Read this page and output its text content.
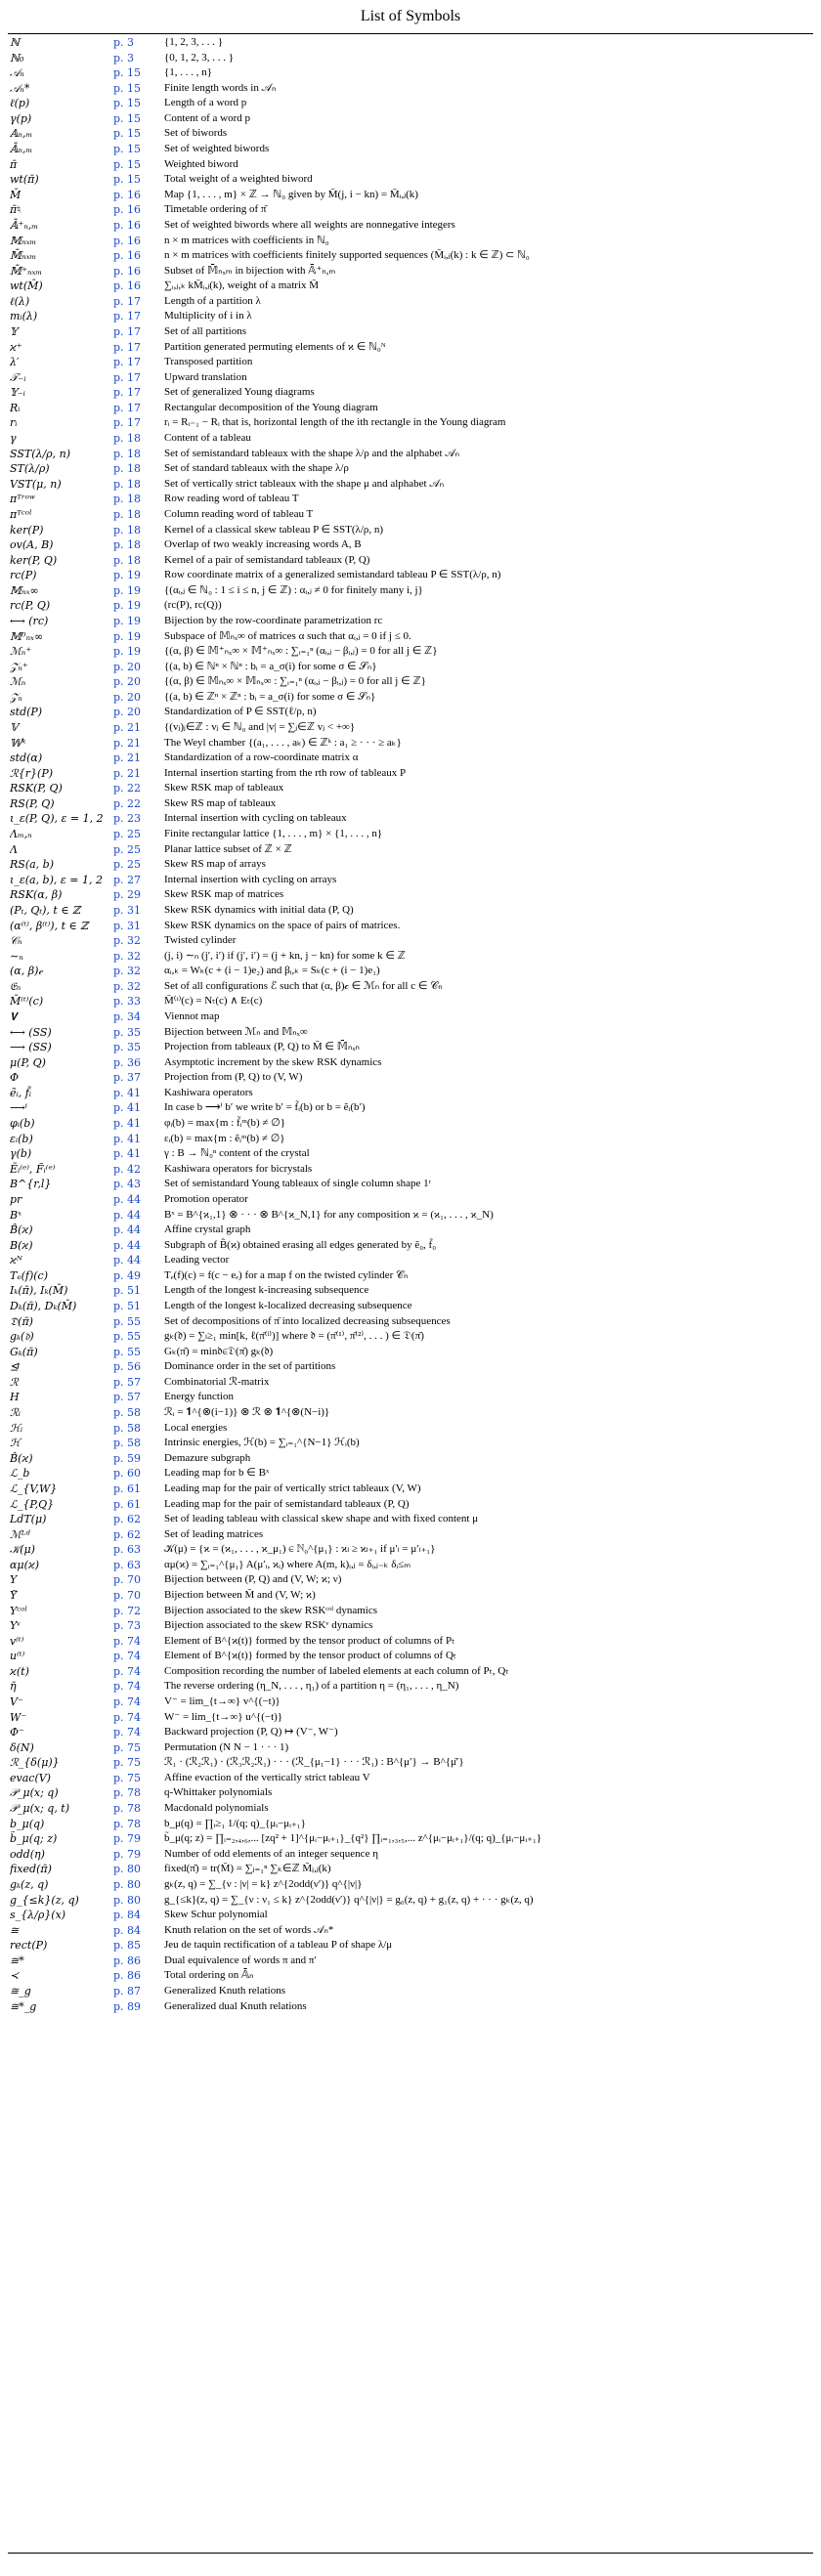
List of Symbols
ℕ	p. 3	{1, 2, 3, . . . }
ℕ₀	p. 3	{0, 1, 2, 3, . . . }
𝒜ₙ	p. 15	{1, . . . , n}
𝒜ₙ*	p. 15	Finite length words in 𝒜ₙ
ℓ(p)	p. 15	Length of a word p
γ(p)	p. 15	Content of a word p
𝔸ₙ,ₘ	p. 15	Set of biwords
𝔸̄ₙ,ₘ	p. 15	Set of weighted biwords
π̄	p. 15	Weighted biword
wt(π̄)	p. 15	Total weight of a weighted biword
M̄	p. 16	Map {1, . . . , m} × ℤ → ℕ₀ given by M̄(j, i − kn) = M̄ᵢ,ⱼ(k)
π̄♮	p. 16	Timetable ordering of π̄
𝔸̄⁺ₙ,ₘ	p. 16	Set of weighted biwords where all weights are nonnegative integers
𝕄ₙₓₘ	p. 16	n × m matrices with coefficients in ℕ₀
𝕄̄ₙₓₘ	p. 16	n × m matrices with coefficients finitely supported sequences (M̄ᵢ,ⱼ(k) : k ∈ ℤ) ⊂ ℕ₀
𝕄̄⁺ₙₓₘ	p. 16	Subset of 𝕄̄ₙₓₘ in bijection with 𝔸̄⁺ₙ,ₘ
wt(M̄)	p. 16	∑ᵢ,ⱼ,ₖ kM̄ᵢ,ⱼ(k), weight of a matrix M̄
ℓ(λ)	p. 17	Length of a partition λ
mᵢ(λ)	p. 17	Multiplicity of i in λ
𝕐	p. 17	Set of all partitions
ϰ⁺	p. 17	Partition generated permuting elements of ϰ ∈ ℕ₀ᴺ
λ′	p. 17	Transposed partition
𝒯₋ᵢ	p. 17	Upward translation
𝕐₋ᵢ	p. 17	Set of generalized Young diagrams
Rᵢ	p. 17	Rectangular decomposition of the Young diagram
rᵢ	p. 17	rᵢ = Rᵢ₋₁ − Rᵢ that is, horizontal length of the ith rectangle in the Young diagram
γ	p. 18	Content of a tableau
SST(λ/ρ, n)	p. 18	Set of semistandard tableaux with the shape λ/ρ and the alphabet 𝒜ₙ
ST(λ/ρ)	p. 18	Set of standard tableaux with the shape λ/ρ
VST(μ, n)	p. 18	Set of vertically strict tableaux with the shape μ and alphabet 𝒜ₙ
πᵀʳᵒʷ	p. 18	Row reading word of tableau T
πᵀᶜᵒˡ	p. 18	Column reading word of tableau T
ker(P)	p. 18	Kernel of a classical skew tableau P ∈ SST(λ/ρ, n)
ov(A, B)	p. 18	Overlap of two weakly increasing words A, B
ker(P, Q)	p. 18	Kernel of a pair of semistandard tableaux (P, Q)
rc(P)	p. 19	Row coordinate matrix of a generalized semistandard tableau P ∈ SST(λ/ρ, n)
𝕄ₙₓ∞	p. 19	{(αᵢ,ⱼ ∈ ℕ₀ : 1 ≤ i ≤ n, j ∈ ℤ) : αᵢ,ⱼ ≠ 0 for finitely many i, j}
rc(P, Q)	p. 19	(rc(P), rc(Q))
⟷ (rc)	p. 19	Bijection by the row-coordinate parametrization rc
𝕄⁰ₙₓ∞	p. 19	Subspace of 𝕄ₙₓ∞ of matrices α such that αᵢ,ⱼ = 0 if j ≤ 0.
ℳₙ⁺	p. 19	{(α, β) ∈ 𝕄⁺ₙₓ∞ × 𝕄⁺ₙₓ∞ : ∑ᵢ₌₁ⁿ (αᵢ,ⱼ − βᵢ,ⱼ) = 0 for all j ∈ ℤ}
𝒵ₙ⁺	p. 20	{(a, b) ∈ ℕⁿ × ℕⁿ : bᵢ = a_σ(i) for some σ ∈ 𝒮ₙ}
ℳₙ	p. 20	{(α, β) ∈ 𝕄ₙₓ∞ × 𝕄ₙₓ∞ : ∑ᵢ₌₁ⁿ (αᵢ,ⱼ − βᵢ,ⱼ) = 0 for all j ∈ ℤ}
𝒵ₙ	p. 20	{(a, b) ∈ ℤⁿ × ℤⁿ : bᵢ = a_σ(i) for some σ ∈ 𝒮ₙ}
std(P)	p. 20	Standardization of P ∈ SST(ℓ/ρ, n)
𝕍	p. 21	{(vⱼ)ⱼ∈ℤ : vⱼ ∈ ℕ₀ and |v| = ∑ⱼ∈ℤ vⱼ < +∞}
𝕎ᵏ	p. 21	The Weyl chamber {(a₁, . . . , aₖ) ∈ ℤᵏ : a₁ ≥ · · · ≥ aₖ}
std(α)	p. 21	Standardization of a row-coordinate matrix α
ℛ{r}(P)	p. 21	Internal insertion starting from the rth row of tableaux P
RSK(P, Q)	p. 22	Skew RSK map of tableaux
RS(P, Q)	p. 22	Skew RS map of tableaux
ι_ε(P, Q), ε = 1, 2 p. 23	Internal insertion with cycling on tableaux
Λₘ,ₙ	p. 25	Finite rectangular lattice {1, . . . , m} × {1, . . . , n}
Λ	p. 25	Planar lattice subset of ℤ × ℤ
RS(a, b)	p. 25	Skew RS map of arrays
ι_ε(a, b), ε = 1, 2	p. 27	Internal insertion with cycling on arrays
RSK(α, β)	p. 29	Skew RSK map of matrices
(Pₜ, Qₜ), t ∈ ℤ	p. 31	Skew RSK dynamics with initial data (P, Q)
(α⁽ᵗ⁾, β⁽ᵗ⁾), t ∈ ℤ	p. 31	Skew RSK dynamics on the space of pairs of matrices.
𝒞ₙ	p. 32	Twisted cylinder
∼ₙ	p. 32	(j, i) ∼ₙ (j′, i′) if (j′, i′) = (j + kn, j − kn) for some k ∈ ℤ
(α, β)𝒸	p. 32	αᵢ,ₖ = Wₖ(c + (i − 1)e₂) and βᵢ,ₖ = Sₖ(c + (i − 1)e₁)
𝔈ₙ	p. 32	Set of all configurations ℰ such that (α, β)𝒸 ∈ ℳₙ for all c ∈ 𝒞ₙ
M̄⁽ᵗ⁾(c)	p. 33	M̄⁽ᵗ⁾(c) = Nₜ(c) ∧ Eₜ(c)
𝐕	p. 34	Viennot map
⟷ (SS)	p. 35	Bijection between ℳₙ and 𝕄ₙₓ∞
⟶ (SS)	p. 35	Projection from tableaux (P, Q) to M̄ ∈ 𝕄̄ₙₓₙ
μ(P, Q)	p. 36	Asymptotic increment by the skew RSK dynamics
Φ	p. 37	Projection from (P, Q) to (V, W)
ẽᵢ, f̃ᵢ	p. 41	Kashiwara operators
⟶ⁱ	p. 41	In case b ⟶ⁱ b′ we write b′ = f̃ᵢ(b) or b = ẽᵢ(b′)
φᵢ(b)	p. 41	φᵢ(b) = max{m : f̃ᵢᵐ(b) ≠ ∅}
εᵢ(b)	p. 41	εᵢ(b) = max{m : ẽᵢᵐ(b) ≠ ∅}
γ(b)	p. 41	γ : B → ℕ₀ⁿ content of the crystal
Ẽᵢ⁽ᵉ⁾, F̃ᵢ⁽ᵉ⁾	p. 42	Kashiwara operators for bicrystals
B^{r,l}	p. 43	Set of semistandard Young tableaux of single column shape 1ʳ
pr	p. 44	Promotion operator
Bˣ	p. 44	Bˣ = B^{ϰ₁,1} ⊗ · · · ⊗ B^{ϰ_N,1} for any composition ϰ = (ϰ₁, . . . , ϰ_N)
B̂(ϰ)	p. 44	Affine crystal graph
B(ϰ)	p. 44	Subgraph of B̂(ϰ) obtained erasing all edges generated by ẽ₀, f̃₀
ϰᴺ	p. 44	Leading vector
Tₑ(f)(c)	p. 49	Tₑ(f)(c) = f(c − eₑ) for a map f on the twisted cylinder 𝒞ₙ
Iₖ(π̄), Iₖ(M̄)	p. 51	Length of the longest k-increasing subsequence
Dₖ(π̄), Dₖ(M̄)	p. 51	Length of the longest k-localized decreasing subsequence
𝔇(π̄)	p. 55	Set of decompositions of π̄ into localized decreasing subsequences
gₖ(𝔡)	p. 55	gₖ(𝔡) = ∑ₗ≥₁ min[k, ℓ(π̄⁽ˡ⁾)] where 𝔡 = (π̄⁽¹⁾, π̄⁽²⁾, . . . ) ∈ 𝔇(π̄)
Gₖ(π̄)	p. 55	Gₖ(π̄) = min𝔡∈𝔇(π̄) gₖ(𝔡)
⊴	p. 56	Dominance order in the set of partitions
ℛ	p. 57	Combinatorial ℛ-matrix
H	p. 57	Energy function
ℛᵢ	p. 58	ℛᵢ = 𝟏^{⊗(i−1)} ⊗ ℛ ⊗ 𝟏^{⊗(N−i)}
ℋᵢ	p. 58	Local energies
ℋ	p. 58	Intrinsic energies, ℋ(b) = ∑ᵢ₌₁^{N−1} ℋᵢ(b)
B̂(ϰ)	p. 59	Demazure subgraph
ℒ_b	p. 60	Leading map for b ∈ Bˣ
ℒ_{V,W}	p. 61	Leading map for the pair of vertically strict tableaux (V, W)
ℒ_{P,Q}	p. 61	Leading map for the pair of semistandard tableaux (P, Q)
LdT(μ)	p. 62	Set of leading tableau with classical skew shape and with fixed content μ
ℳᴸᵈ	p. 62	Set of leading matrices
𝒦(μ)	p. 63	𝒦(μ) = {ϰ = (ϰ₁, . . . , ϰ_μ₁) ∈ ℕ₀^{μ₁} : ϰₗ ≥ ϰₗ₊₁ if μ′ₗ = μ′ₗ₊₁}
αμ(ϰ)	p. 63	αμ(ϰ) = ∑ᵢ₌₁^{μ₁} A(μ′ᵢ, ϰᵢ) where A(m, k)ᵢ,ⱼ = δᵢ,ⱼ₋ₖ δᵢ≤ₘ
Υ	p. 70	Bijection between (P, Q) and (V, W; ϰ; ν)
Υ̃	p. 70	Bijection between M̄ and (V, W; ϰ)
Υᶜᵒˡ	p. 72	Bijection associated to the skew RSKᶜᵒˡ dynamics
Υᵛ	p. 73	Bijection associated to the skew RSKᵛ dynamics
v⁽ᵗ⁾	p. 74	Element of B^{ϰ(t)} formed by the tensor product of columns of Pₜ
u⁽ᵗ⁾	p. 74	Element of B^{ϰ(t)} formed by the tensor product of columns of Qₜ
ϰ(t)	p. 74	Composition recording the number of labeled elements at each column of Pₜ, Qₜ
η̄	p. 74	The reverse ordering (η_N, . . . , η₁) of a partition η = (η₁, . . . , η_N)
V⁻	p. 74	V⁻ = lim_{t→∞} v^{(−t)}
W⁻	p. 74	W⁻ = lim_{t→∞} u^{(−t)}
Φ⁻	p. 74	Backward projection (P, Q) ↦ (V⁻, W⁻)
δ(N)	p. 75	Permutation (N N − 1 · · · 1)
ℛ_{δ(μ)}	p. 75	ℛ₁ · (ℛ₂ℛ₁) · (ℛ₃ℛ₂ℛ₁) · · · (ℛ_{μ₁−1} · · · ℛ₁) : B^{μ′} → B^{μ̄′}
evac(V)	p. 75	Affine evaction of the vertically strict tableau V
𝒫_μ(x; q)	p. 78	q-Whittaker polynomials
𝒫_μ(x; q, t)	p. 78	Macdonald polynomials
b_μ(q)	p. 78	b_μ(q) = ∏ᵢ≥₁ 1/(q; q)_{μᵢ−μᵢ₊₁}
b̃_μ(q; z)	p. 79	b̃_μ(q; z) = ∏ᵢ₌₂,₄,₆,... [zq² + 1]^{μᵢ−μᵢ₊₁}_{q²} ∏ᵢ₌₁,₃,₅,... z^{μᵢ−μᵢ₊₁}/(q; q)_{μᵢ−μᵢ₊₁}
odd(η)	p. 79	Number of odd elements of an integer sequence η
fixed(π̄)	p. 80	fixed(π̄) = tr(M̄) = ∑ⱼ₌₁ⁿ ∑ₖ∈ℤ M̄ⱼ,ⱼ(k)
gₖ(z, q)	p. 80	gₖ(z, q) = ∑_{ν : |ν| = k} z^{2odd(ν′)} q^{|ν|}
g_{≤k}(z, q)	p. 80	g_{≤k}(z, q) = ∑_{ν : ν₁ ≤ k} z^{2odd(ν′)} q^{|ν|} = g₀(z, q) + g₁(z, q) + · · · gₖ(z, q)
s_{λ/ρ}(x)	p. 84	Skew Schur polynomial
≅	p. 84	Knuth relation on the set of words 𝒜ₙ*
rect(P)	p. 85	Jeu de taquin rectification of a tableau P of shape λ/μ
≅*	p. 86	Dual equivalence of words π and π′
≺	p. 86	Total ordering on 𝔸̄ₙ
≅_g	p. 87	Generalized Knuth relations
≅*_g	p. 89	Generalized dual Knuth relations
